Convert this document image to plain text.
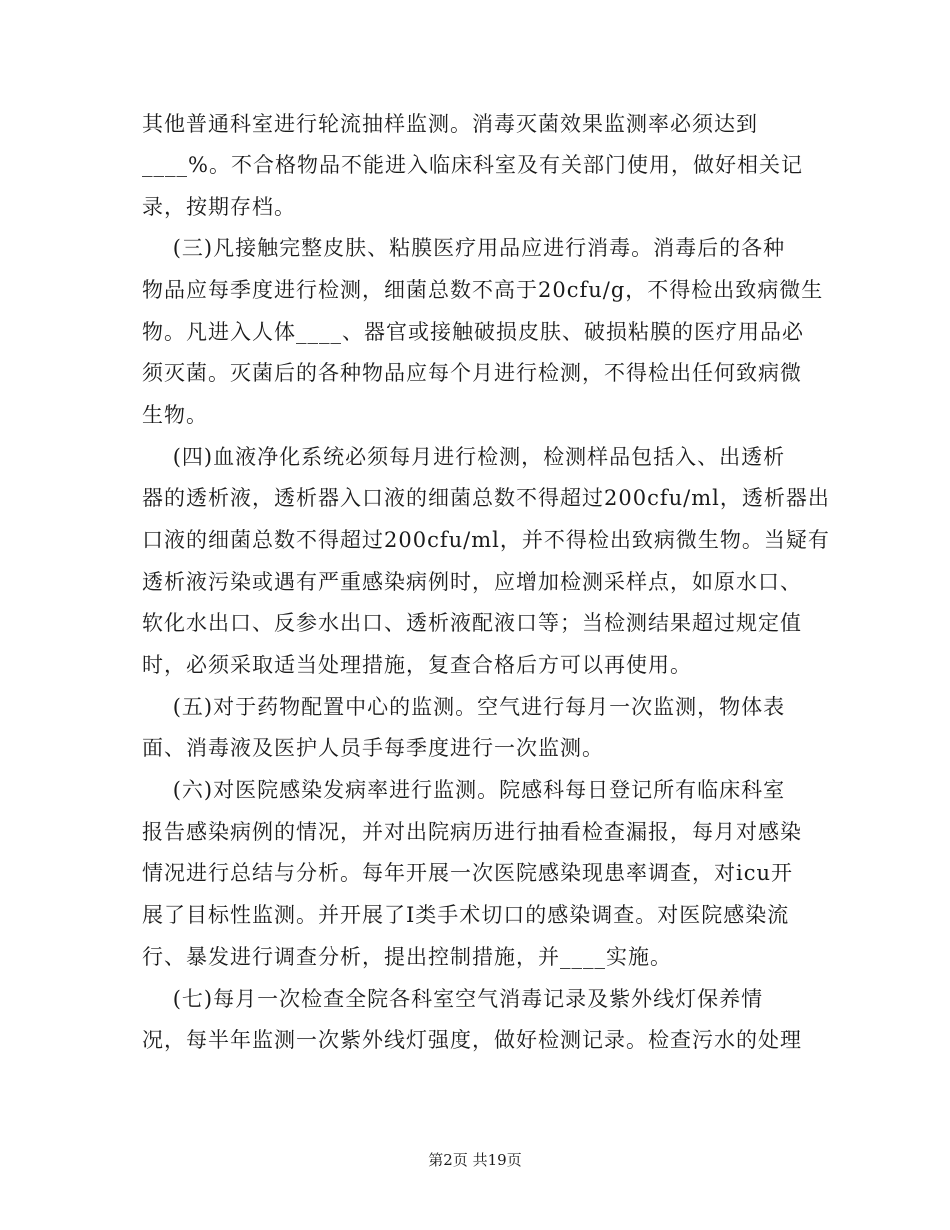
其他普通科室进行轮流抽样监测。消毒灭菌效果监测率必须达到
____%。不合格物品不能进入临床科室及有关部门使用，做好相关记
录，按期存档。
(三)凡接触完整皮肤、粘膜医疗用品应进行消毒。消毒后的各种
物品应每季度进行检测，细菌总数不高于20cfu/g，不得检出致病微生
物。凡进入人体____、器官或接触破损皮肤、破损粘膜的医疗用品必
须灭菌。灭菌后的各种物品应每个月进行检测，不得检出任何致病微
生物。
(四)血液净化系统必须每月进行检测，检测样品包括入、出透析
器的透析液，透析器入口液的细菌总数不得超过200cfu/ml，透析器出
口液的细菌总数不得超过200cfu/ml，并不得检出致病微生物。当疑有
透析液污染或遇有严重感染病例时，应增加检测采样点，如原水口、
软化水出口、反参水出口、透析液配液口等；当检测结果超过规定值
时，必须采取适当处理措施，复查合格后方可以再使用。
(五)对于药物配置中心的监测。空气进行每月一次监测，物体表
面、消毒液及医护人员手每季度进行一次监测。
(六)对医院感染发病率进行监测。院感科每日登记所有临床科室
报告感染病例的情况，并对出院病历进行抽看检查漏报，每月对感染
情况进行总结与分析。每年开展一次医院感染现患率调查，对icu开
展了目标性监测。并开展了Ⅰ类手术切口的感染调查。对医院感染流
行、暴发进行调查分析，提出控制措施，并____实施。
(七)每月一次检查全院各科室空气消毒记录及紫外线灯保养情
况，每半年监测一次紫外线灯强度，做好检测记录。检查污水的处理
第2页 共19页
